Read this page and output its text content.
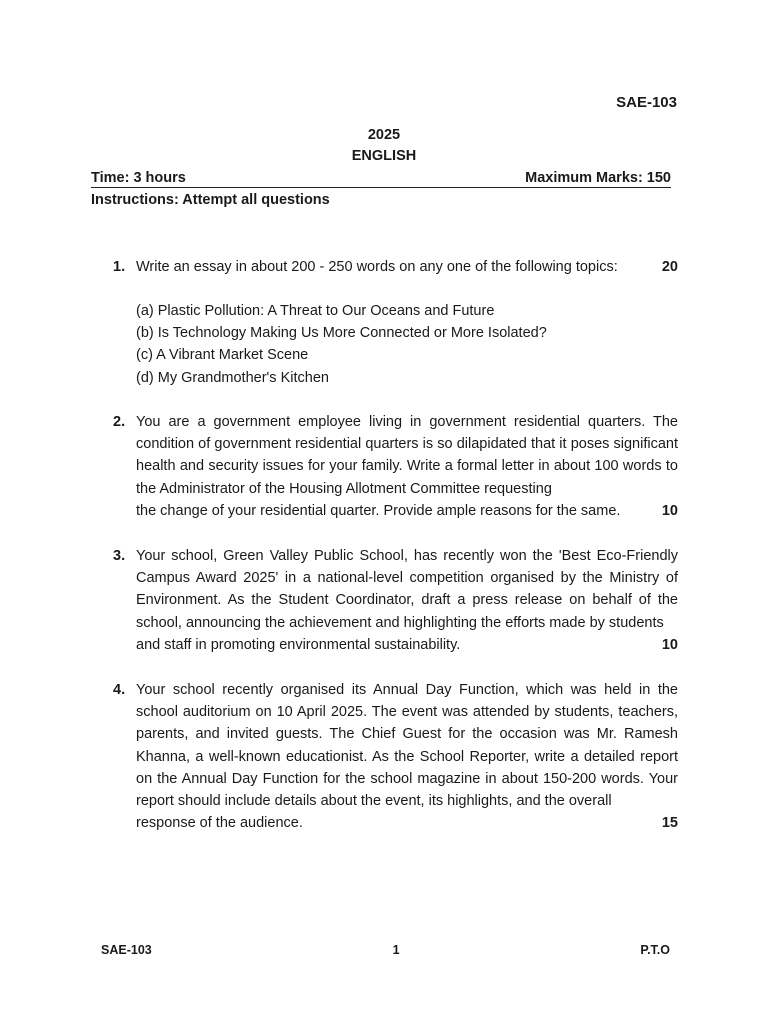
SAE-103
2025
ENGLISH
Time: 3 hours	Maximum Marks: 150
Instructions: Attempt all questions
1. Write an essay in about 200 - 250 words on any one of the following topics:	20
(a) Plastic Pollution: A Threat to Our Oceans and Future
(b) Is Technology Making Us More Connected or More Isolated?
(c) A Vibrant Market Scene
(d) My Grandmother's Kitchen
2. You are a government employee living in government residential quarters. The condition of government residential quarters is so dilapidated that it poses significant health and security issues for your family. Write a formal letter in about 100 words to the Administrator of the Housing Allotment Committee requesting
the change of your residential quarter. Provide ample reasons for the same.	10
3. Your school, Green Valley Public School, has recently won the 'Best Eco-Friendly Campus Award 2025' in a national-level competition organised by the Ministry of Environment. As the Student Coordinator, draft a press release on behalf of the school, announcing the achievement and highlighting the efforts made by students
and staff in promoting environmental sustainability.	10
4. Your school recently organised its Annual Day Function, which was held in the school auditorium on 10 April 2025. The event was attended by students, teachers, parents, and invited guests. The Chief Guest for the occasion was Mr. Ramesh Khanna, a well-known educationist. As the School Reporter, write a detailed report on the Annual Day Function for the school magazine in about 150-200 words. Your report should include details about the event, its highlights, and the overall
response of the audience.	15
SAE-103	1	P.T.O
